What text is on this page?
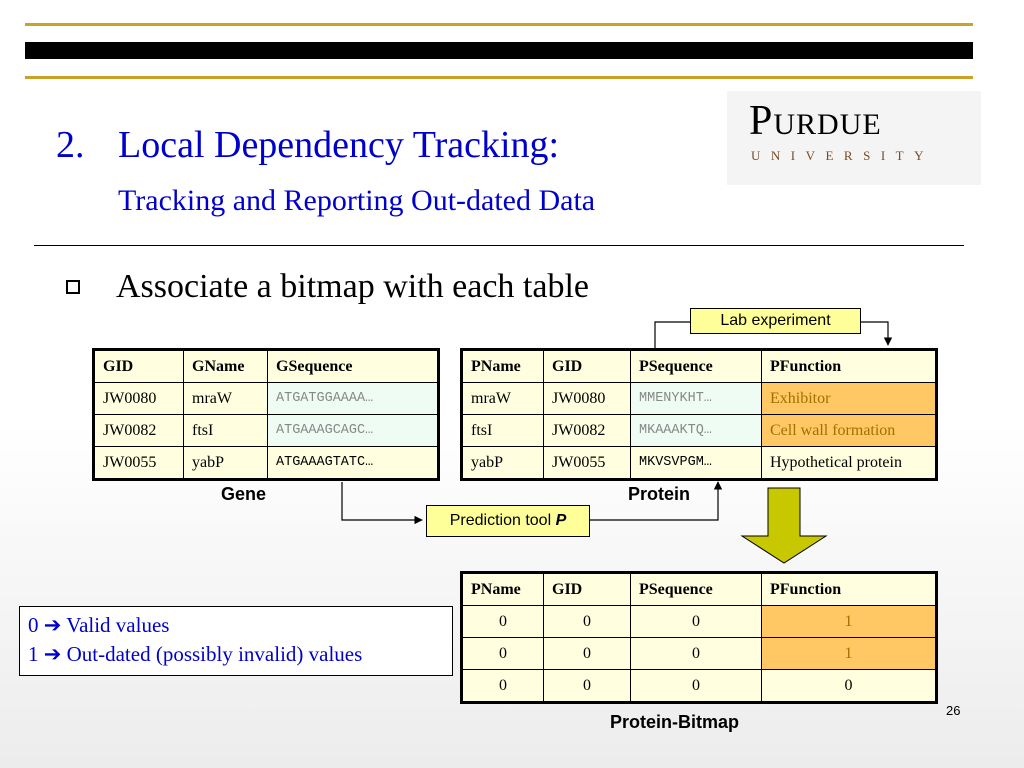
PURDUE
UNIVERSITY
2. Local Dependency Tracking:
Tracking and Reporting Out-dated Data
Associate a bitmap with each table
Lab experiment
Prediction tool P
GID	GName	GSequence
JW0080	mraW	ATGATGGAAAA…
JW0082	ftsI	ATGAAAGCAGC…
JW0055	yabP	ATGAAAGTATC…
Gene
PName	GID	PSequence	PFunction
mraW	JW0080	MMENYKHT…	Exhibitor
ftsI	JW0082	MKAAAKTQ…	Cell wall formation
yabP	JW0055	MKVSVPGM…	Hypothetical protein
Protein
PName	GID	PSequence	PFunction
0	0	0	1
0	0	0	1
0	0	0	0
Protein-Bitmap
0 ➔ Valid values
1 ➔ Out-dated (possibly invalid) values
26
